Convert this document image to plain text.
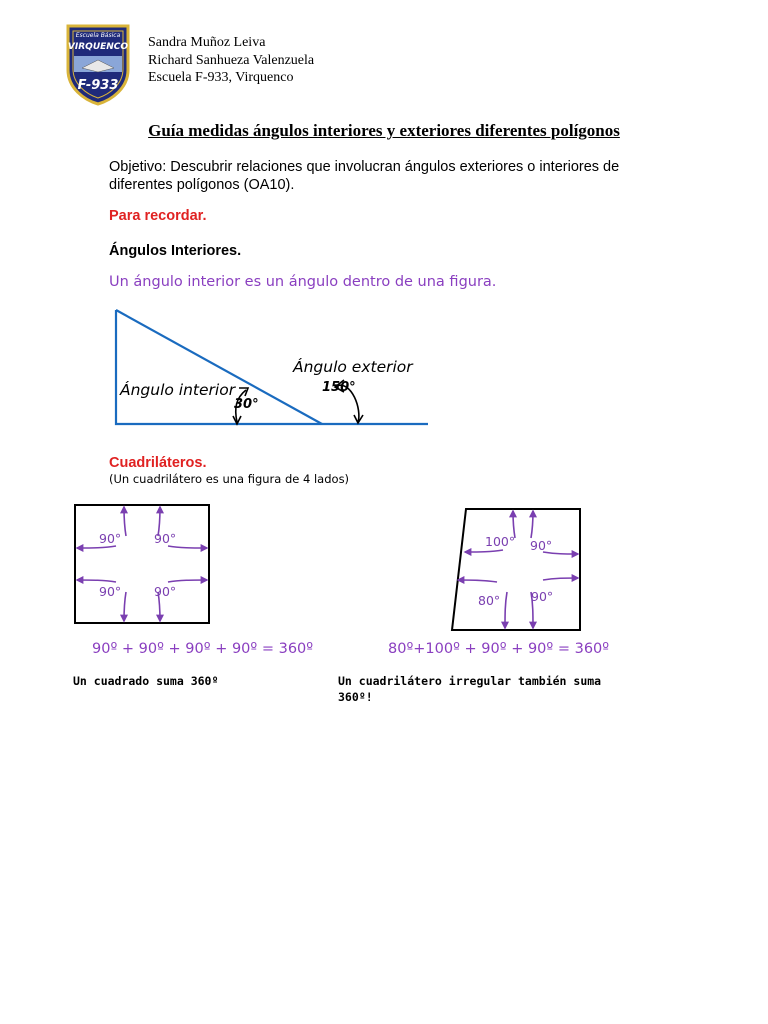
Escuela Básica
VIRQUENCO
F-933
Sandra Muñoz Leiva
Richard Sanhueza Valenzuela
Escuela F-933, Virquenco
Guía medidas ángulos interiores y exteriores diferentes polígonos
Objetivo: Descubrir relaciones que involucran ángulos exteriores o interiores de diferentes polígonos (OA10).
Para recordar.
Ángulos Interiores.
Un ángulo interior es un ángulo dentro de una figura.
Ángulo interior
30°
Ángulo exterior
150°
Cuadriláteros.
(Un cuadrilátero es una figura de 4 lados)
90°	90°
90°	90°
100° 90°
80° 90°
90º + 90º + 90º + 90º = 360º	80º+100º + 90º + 90º = 360º
Un cuadrado suma 360º	Un cuadrilátero irregular también suma
360º!
